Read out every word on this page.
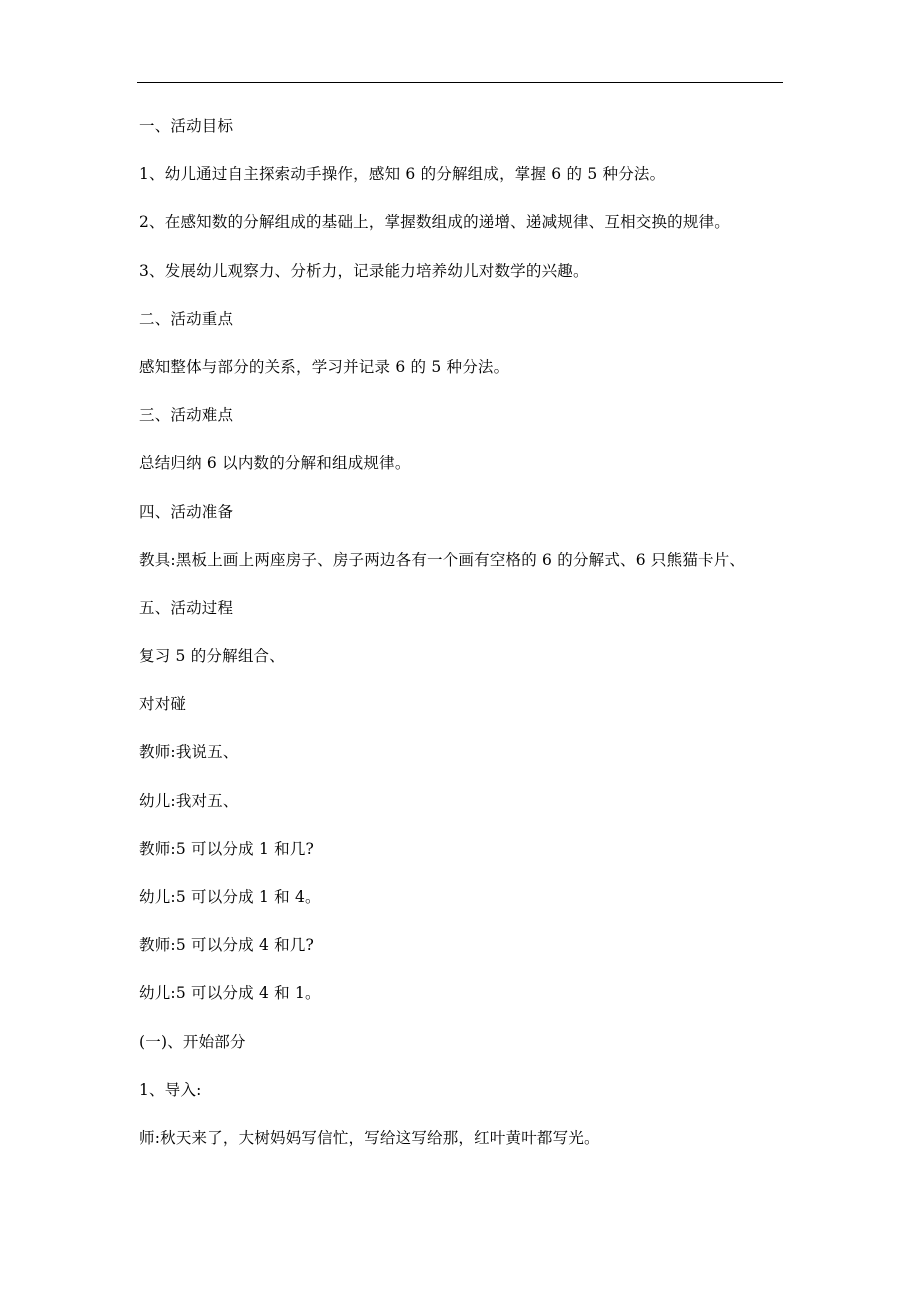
一、活动目标
1、幼儿通过自主探索动手操作，感知 6 的分解组成，掌握 6 的 5 种分法。
2、在感知数的分解组成的基础上，掌握数组成的递增、递减规律、互相交换的规律。
3、发展幼儿观察力、分析力，记录能力培养幼儿对数学的兴趣。
二、活动重点
感知整体与部分的关系，学习并记录 6 的 5 种分法。
三、活动难点
总结归纳 6 以内数的分解和组成规律。
四、活动准备
教具:黑板上画上两座房子、房子两边各有一个画有空格的 6 的分解式、6 只熊猫卡片、
五、活动过程
复习 5 的分解组合、
对对碰
教师:我说五、
幼儿:我对五、
教师:5 可以分成 1 和几?
幼儿:5 可以分成 1 和 4。
教师:5 可以分成 4 和几?
幼儿:5 可以分成 4 和 1。
(一)、开始部分
1、导入:
师:秋天来了，大树妈妈写信忙，写给这写给那，红叶黄叶都写光。
